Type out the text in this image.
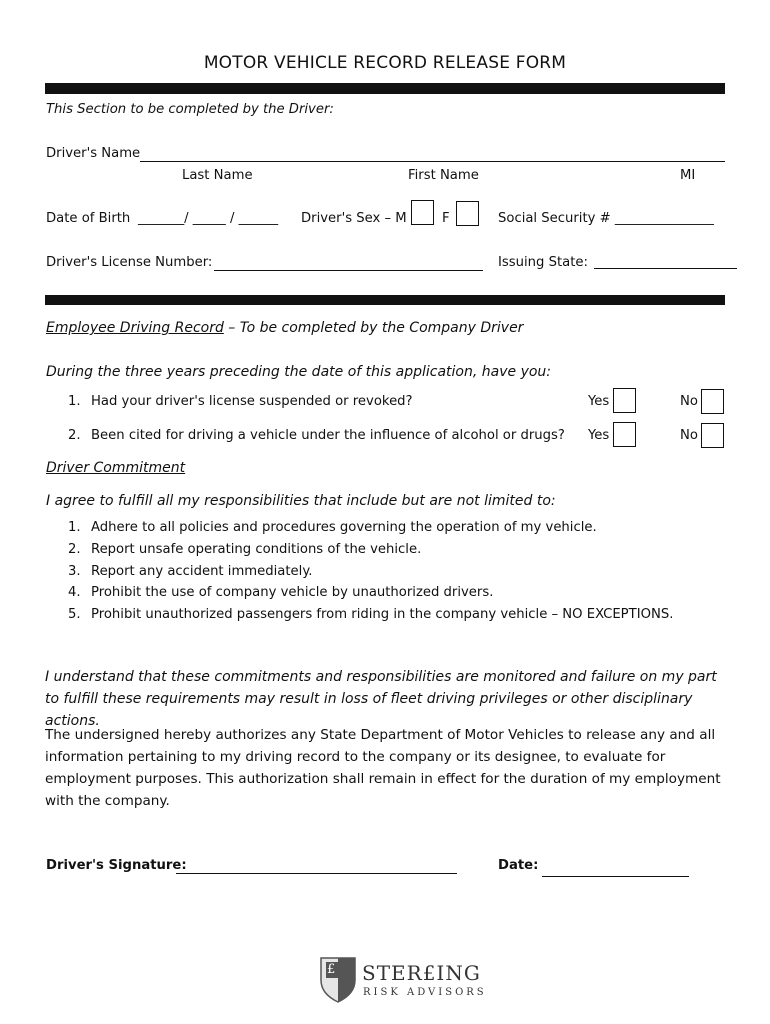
MOTOR VEHICLE RECORD RELEASE FORM
This Section to be completed by the Driver:
Driver's Name
Last Name	First Name	MI
Date of Birth _______/ _____ / ______ Driver's Sex – M ___ F	Social Security # _______________
Driver's License Number:	Issuing State:
Employee Driving Record – To be completed by the Company Driver
During the three years preceding the date of this application, have you:
1. Had your driver's license suspended or revoked?	Yes	No
2. Been cited for driving a vehicle under the influence of alcohol or drugs? Yes	No
Driver Commitment
I agree to fulfill all my responsibilities that include but are not limited to:
1. Adhere to all policies and procedures governing the operation of my vehicle.
2. Report unsafe operating conditions of the vehicle.
3. Report any accident immediately.
4. Prohibit the use of company vehicle by unauthorized drivers.
5. Prohibit unauthorized passengers from riding in the company vehicle – NO EXCEPTIONS.
I understand that these commitments and responsibilities are monitored and failure on my part to fulfill these requirements may result in loss of fleet driving privileges or other disciplinary actions.
The undersigned hereby authorizes any State Department of Motor Vehicles to release any and all information pertaining to my driving record to the company or its designee, to evaluate for employment purposes. This authorization shall remain in effect for the duration of my employment with the company.
Driver's Signature:	Date:
£ STER£ING
RISK ADVISORS
